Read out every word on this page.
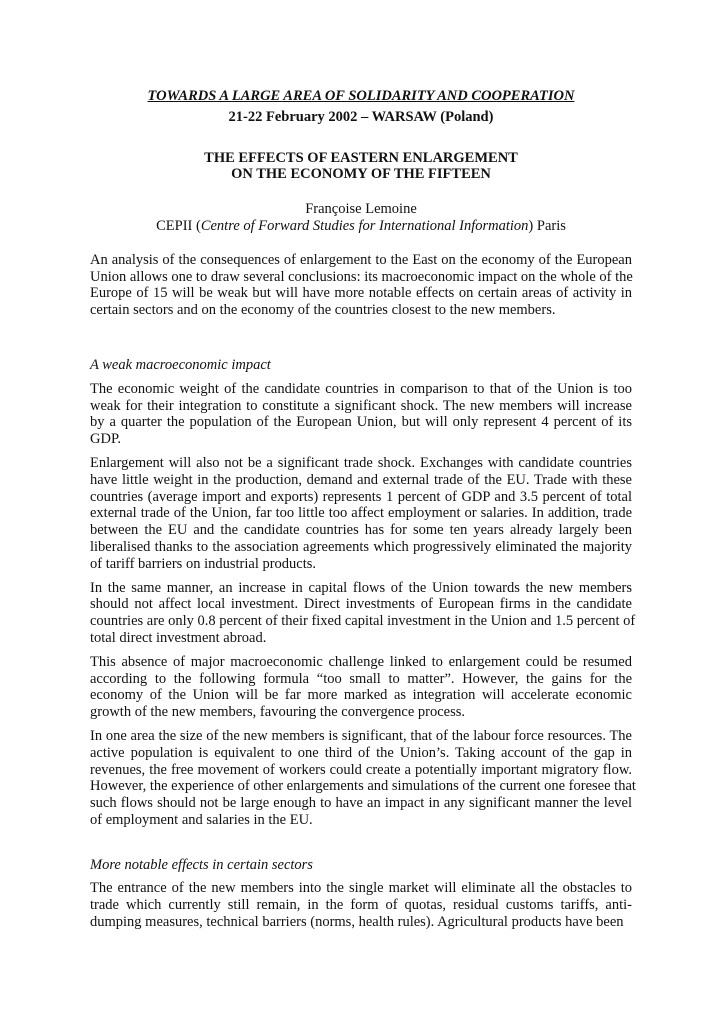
TOWARDS A LARGE AREA OF SOLIDARITY AND COOPERATION
21-22 February 2002 – WARSAW (Poland)
THE EFFECTS OF EASTERN ENLARGEMENT
ON THE ECONOMY OF THE FIFTEEN
Françoise Lemoine
CEPII (Centre of Forward Studies for International Information) Paris
An analysis of the consequences of enlargement to the East on the economy of the European
Union allows one to draw several conclusions: its macroeconomic impact on the whole of the
Europe of 15 will be weak but will have more notable effects on certain areas of activity in
certain sectors and on the economy of the countries closest to the new members.
A weak macroeconomic impact
The economic weight of the candidate countries in comparison to that of the Union is too
weak for their integration to constitute a significant shock. The new members will increase
by a quarter the population of the European Union, but will only represent 4 percent of its
GDP.
Enlargement will also not be a significant trade shock. Exchanges with candidate countries
have little weight in the production, demand and external trade of the EU. Trade with these
countries (average import and exports) represents 1 percent of GDP and 3.5 percent of total
external trade of the Union, far too little too affect employment or salaries. In addition, trade
between the EU and the candidate countries has for some ten years already largely been
liberalised thanks to the association agreements which progressively eliminated the majority
of tariff barriers on industrial products.
In the same manner, an increase in capital flows of the Union towards the new members
should not affect local investment. Direct investments of European firms in the candidate
countries are only 0.8 percent of their fixed capital investment in the Union and 1.5 percent of
total direct investment abroad.
This absence of major macroeconomic challenge linked to enlargement could be resumed
according to the following formula “too small to matter”. However, the gains for the
economy of the Union will be far more marked as integration will accelerate economic
growth of the new members, favouring the convergence process.
In one area the size of the new members is significant, that of the labour force resources. The
active population is equivalent to one third of the Union’s. Taking account of the gap in
revenues, the free movement of workers could create a potentially important migratory flow.
However, the experience of other enlargements and simulations of the current one foresee that
such flows should not be large enough to have an impact in any significant manner the level
of employment and salaries in the EU.
More notable effects in certain sectors
The entrance of the new members into the single market will eliminate all the obstacles to
trade which currently still remain, in the form of quotas, residual customs tariffs, anti-
dumping measures, technical barriers (norms, health rules). Agricultural products have been
